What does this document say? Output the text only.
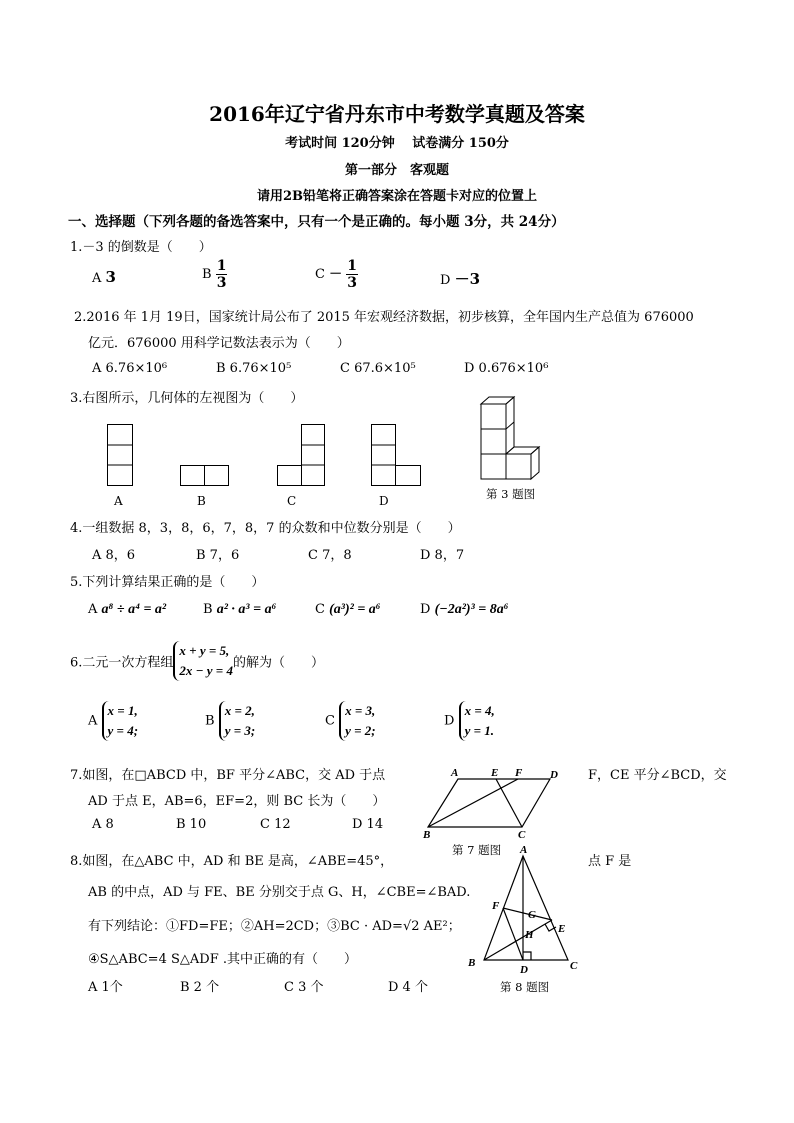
2016年辽宁省丹东市中考数学真题及答案
考试时间 120分钟　 试卷满分 150分
第一部分　客观题
请用2B铅笔将正确答案涂在答题卡对应的位置上
一、选择题（下列各题的备选答案中，只有一个是正确的。每小题 3分，共 24分）
1.－3 的倒数是（　　）
A 3	B $\frac{1}{3}$	$C - \frac{1}{3}$	D －3
2.2016 年 1月 19日，国家统计局公布了 2015 年宏观经济数据，初步核算，全年国内生产总值为 676000
亿元．676000 用科学记数法表示为（　　）
A 6.76×10⁶	B 6.76×10⁵	C 67.6×10⁵	D 0.676×10⁶
3.右图所示，几何体的左视图为（　　）
A	B	C	D	第 3 题图
4.一组数据 8，3，8，6，7，8，7 的众数和中位数分别是（　　）
A 8，6	B 7，6	C 7，8	D 8，7
5.下列计算结果正确的是（　　）
A a⁸ ÷ a⁴ = a²	B a² · a³ = a⁶	C (a³)² = a⁶	D (−2a²)³ = 8a⁶
6.二元一次方程组
x + y = 5,
2x − y = 4 的解为（　　）
A
x = 1,
y = 4;
B
x = 2,
y = 3;
C
x = 3,
y = 2;
D
x = 4,
y = 1.
7.如图，在□ABCD 中，BF 平分∠ABC，交 AD 于点	F，CE 平分∠BCD，交
AD 于点 E，AB=6，EF=2，则 BC 长为（　　）
A 8	B 10	C 12	D 14
A	E F	D
B	C
第 7 题图
8.如图，在△ABC 中，AD 和 BE 是高，∠ABE=45°，	点 F 是
AB 的中点，AD 与 FE、BE 分别交于点 G、H，∠CBE=∠BAD.
有下列结论：①FD=FE；②AH=2CD；③BC · AD=√2 AE²；
④S△ABC=4 S△ADF .其中正确的有（　　）
A 1个	B 2 个	C 3 个	D 4 个
A
F
G
E
H
B
D	C
第 8 题图
